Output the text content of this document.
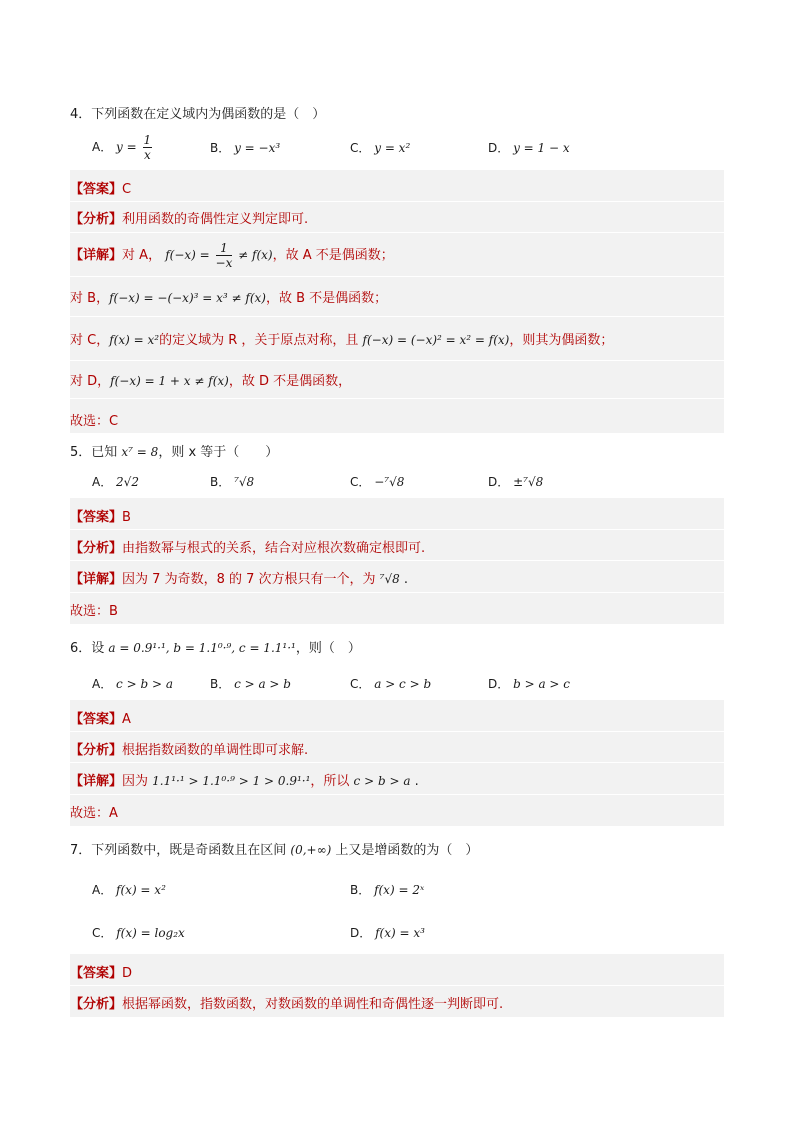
4．下列函数在定义域内为偶函数的是（　）
A． $y = \frac{1}{x}$	B． y = −x³	C． y = x²	D． y = 1 − x
【答案】C
【分析】利用函数的奇偶性定义判定即可.
【详解】对 A， $f(-x) = \frac{1}{-x} \ne f(x)$，故 A 不是偶函数；
对 B，f(−x) = −(−x)³ = x³ ≠ f(x)，故 B 不是偶函数；
对 C，f(x) = x²的定义域为 R ，关于原点对称，且 f(−x) = (−x)² = x² = f(x)，则其为偶函数；
对 D，f(−x) = 1 + x ≠ f(x)，故 D 不是偶函数，
故选：C
5．已知 x⁷ = 8，则 x 等于（　　）
A． 2√2	B． ⁷√8	C． −⁷√8	D． ±⁷√8
【答案】B
【分析】由指数幂与根式的关系，结合对应根次数确定根即可.
【详解】因为 7 为奇数，8 的 7 次方根只有一个，为 ⁷√8 .
故选：B
6．设 a = 0.9¹·¹, b = 1.1⁰·⁹, c = 1.1¹·¹，则（　）
A． c > b > a	B． c > a > b	C． a > c > b	D． b > a > c
【答案】A
【分析】根据指数函数的单调性即可求解.
【详解】因为 1.1¹·¹ > 1.1⁰·⁹ > 1 > 0.9¹·¹，所以 c > b > a .
故选：A
7．下列函数中，既是奇函数且在区间 (0,+∞) 上又是增函数的为（　）
A． f(x) = x²	B． f(x) = 2ˣ
C． f(x) = log₂x	D． f(x) = x³
【答案】D
【分析】根据幂函数，指数函数，对数函数的单调性和奇偶性逐一判断即可.
